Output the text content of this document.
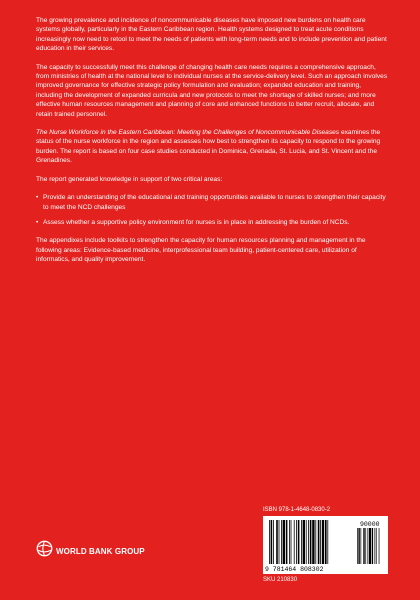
The growing prevalence and incidence of noncommunicable diseases have imposed new burdens on health care systems globally, particularly in the Eastern Caribbean region. Health systems designed to treat acute conditions increasingly now need to retool to meet the needs of patients with long-term needs and to include prevention and patient education in their services.

The capacity to successfully meet this challenge of changing health care needs requires a comprehensive approach, from ministries of health at the national level to individual nurses at the service-delivery level. Such an approach involves improved governance for effective strategic policy formulation and evaluation; expanded education and training, including the development of expanded curricula and new protocols to meet the shortage of skilled nurses; and more effective human resources management and planning of core and enhanced functions to better recruit, allocate, and retain trained personnel.

The Nurse Workforce in the Eastern Caribbean: Meeting the Challenges of Noncommunicable Diseases examines the status of the nurse workforce in the region and assesses how best to strengthen its capacity to respond to the growing burden. The report is based on four case studies conducted in Dominica, Grenada, St. Lucia, and St. Vincent and the Grenadines.

The report generated knowledge in support of two critical areas:

• Provide an understanding of the educational and training opportunities available to nurses to strengthen their capacity to meet the NCD challenges
• Assess whether a supportive policy environment for nurses is in place in addressing the burden of NCDs.

The appendixes include toolkits to strengthen the capacity for human resources planning and management in the following areas: Evidence-based medicine, interprofessional team building, patient-centered care, utilization of informatics, and quality improvement.

WORLD BANK GROUP
ISBN 978-1-4648-0830-2
9 781464 808302
90000
SKU 210830
